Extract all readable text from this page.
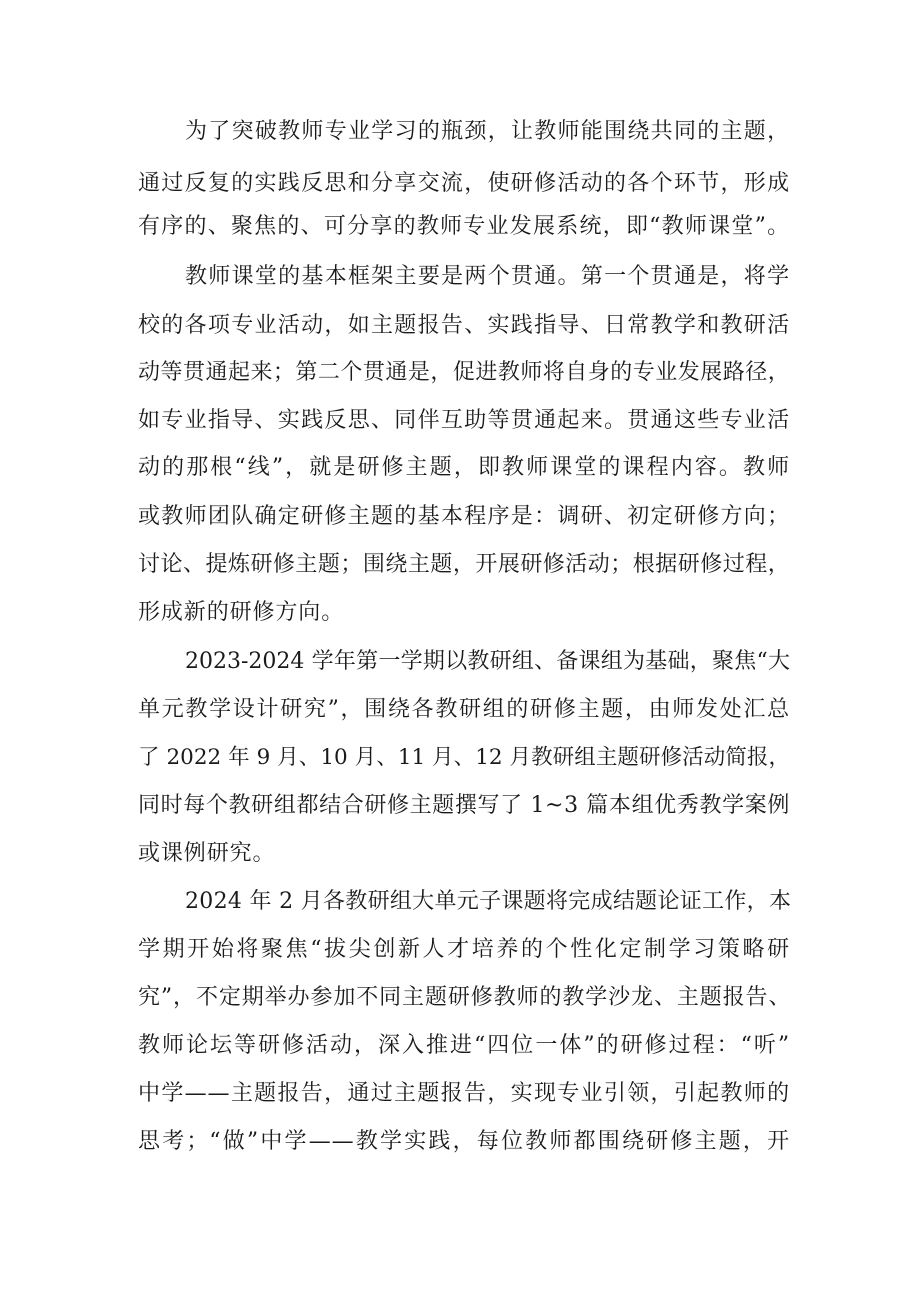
为了突破教师专业学习的瓶颈，让教师能围绕共同的主题，
通过反复的实践反思和分享交流，使研修活动的各个环节，形成
有序的、聚焦的、可分享的教师专业发展系统，即“教师课堂”。
教师课堂的基本框架主要是两个贯通。第一个贯通是，将学
校的各项专业活动，如主题报告、实践指导、日常教学和教研活
动等贯通起来；第二个贯通是，促进教师将自身的专业发展路径，
如专业指导、实践反思、同伴互助等贯通起来。贯通这些专业活
动的那根“线”，就是研修主题，即教师课堂的课程内容。教师
或教师团队确定研修主题的基本程序是：调研、初定研修方向；
讨论、提炼研修主题；围绕主题，开展研修活动；根据研修过程，
形成新的研修方向。
2023-2024 学年第一学期以教研组、备课组为基础，聚焦“大
单元教学设计研究”，围绕各教研组的研修主题，由师发处汇总
了 2022 年 9 月、10 月、11 月、12 月教研组主题研修活动简报，
同时每个教研组都结合研修主题撰写了 1~3 篇本组优秀教学案例
或课例研究。
2024 年 2 月各教研组大单元子课题将完成结题论证工作，本
学期开始将聚焦“拔尖创新人才培养的个性化定制学习策略研
究”，不定期举办参加不同主题研修教师的教学沙龙、主题报告、
教师论坛等研修活动，深入推进“四位一体”的研修过程：“听”
中学——主题报告，通过主题报告，实现专业引领，引起教师的
思考；“做”中学——教学实践，每位教师都围绕研修主题，开
